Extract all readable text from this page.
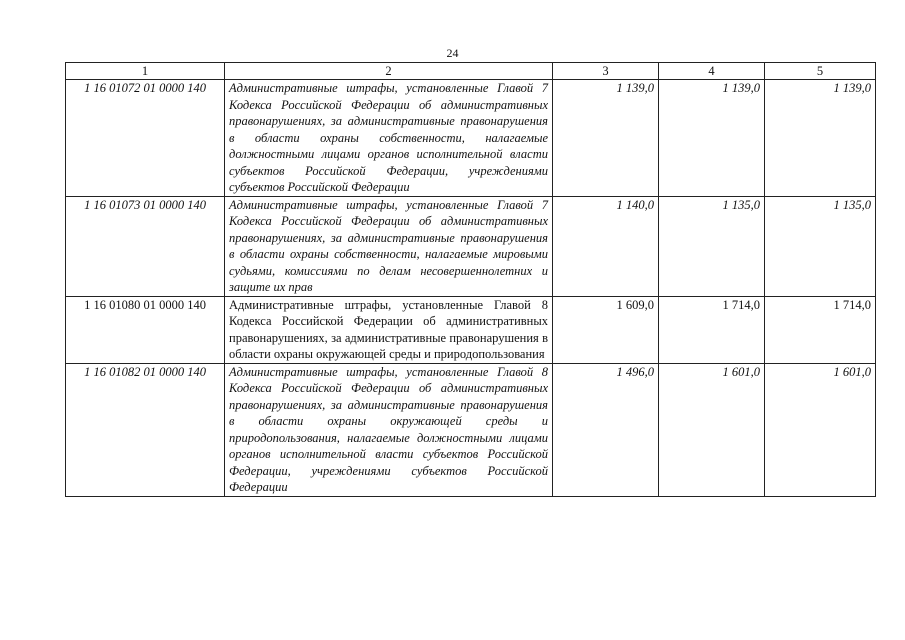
24
1	2	3	4	5
1 16 01072 01 0000 140	Административные штрафы, установленные Главой 7 Кодекса Российской Федерации об административных правонарушениях, за административные правонарушения в области охраны собственности, налагаемые должностными лицами органов исполнительной власти субъектов Российской Федерации, учреждениями субъектов Российской Федерации	1 139,0	1 139,0	1 139,0
1 16 01073 01 0000 140	Административные штрафы, установленные Главой 7 Кодекса Российской Федерации об административных правонарушениях, за административные правонарушения в области охраны собственности, налагаемые мировыми судьями, комиссиями по делам несовершеннолетних и защите их прав	1 140,0	1 135,0	1 135,0
1 16 01080 01 0000 140	Административные штрафы, установленные Главой 8 Кодекса Российской Федерации об административных правонарушениях, за административные правонарушения в области охраны окружающей среды и природопользования	1 609,0	1 714,0	1 714,0
1 16 01082 01 0000 140	Административные штрафы, установленные Главой 8 Кодекса Российской Федерации об административных правонарушениях, за административные правонарушения в области охраны окружающей среды и природопользования, налагаемые должностными лицами органов исполнительной власти субъектов Российской Федерации, учреждениями субъектов Российской Федерации	1 496,0	1 601,0	1 601,0
